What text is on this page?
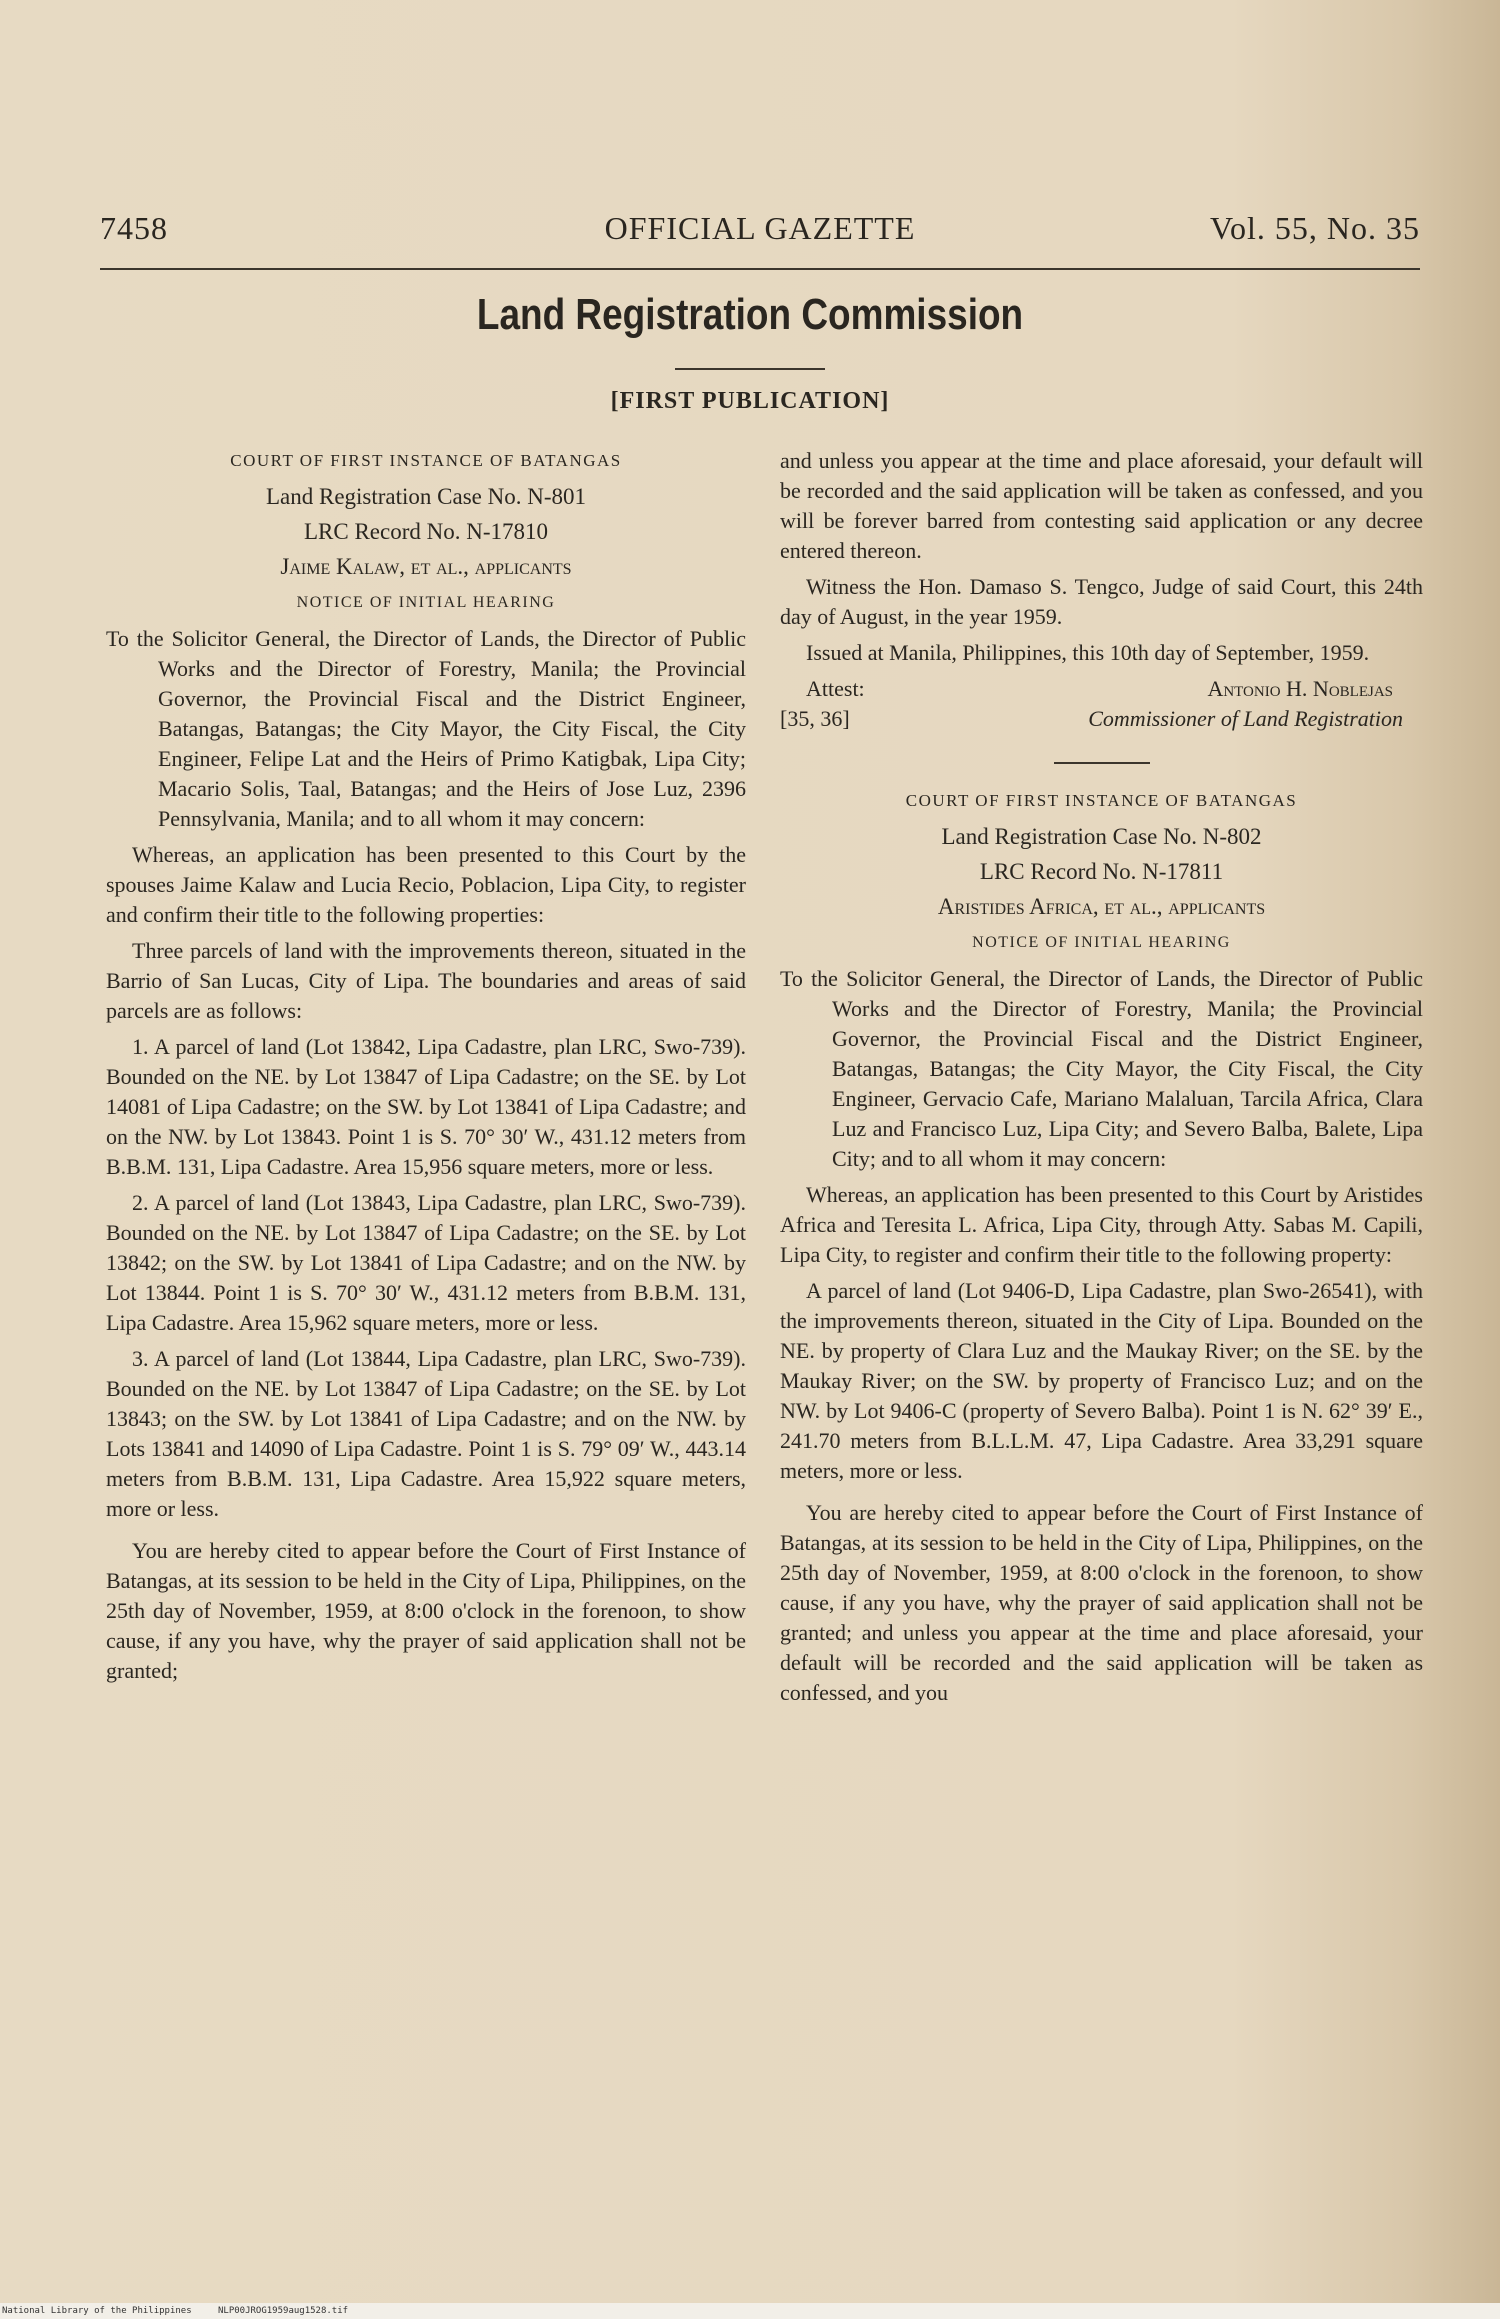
7458	OFFICIAL GAZETTE	Vol. 55, No. 35
Land Registration Commission
[FIRST PUBLICATION]

COURT OF FIRST INSTANCE OF BATANGAS

Land Registration Case No. N-801

LRC Record No. N-17810

Jaime Kalaw, et al., applicants

NOTICE OF INITIAL HEARING

To the Solicitor General, the Director of Lands, the Director of Public Works and the Director of Forestry, Manila; the Provincial Governor, the Provincial Fiscal and the District Engineer, Batangas, Batangas; the City Mayor, the City Fiscal, the City Engineer, Felipe Lat and the Heirs of Primo Katigbak, Lipa City; Macario Solis, Taal, Batangas; and the Heirs of Jose Luz, 2396 Pennsylvania, Manila; and to all whom it may concern:

Whereas, an application has been presented to this Court by the spouses Jaime Kalaw and Lucia Recio, Poblacion, Lipa City, to register and confirm their title to the following properties:

Three parcels of land with the improvements thereon, situated in the Barrio of San Lucas, City of Lipa. The boundaries and areas of said parcels are as follows:

1. A parcel of land (Lot 13842, Lipa Cadastre, plan LRC, Swo-739). Bounded on the NE. by Lot 13847 of Lipa Cadastre; on the SE. by Lot 14081 of Lipa Cadastre; on the SW. by Lot 13841 of Lipa Cadastre; and on the NW. by Lot 13843. Point 1 is S. 70° 30′ W., 431.12 meters from B.B.M. 131, Lipa Cadastre. Area 15,956 square meters, more or less.

2. A parcel of land (Lot 13843, Lipa Cadastre, plan LRC, Swo-739). Bounded on the NE. by Lot 13847 of Lipa Cadastre; on the SE. by Lot 13842; on the SW. by Lot 13841 of Lipa Cadastre; and on the NW. by Lot 13844. Point 1 is S. 70° 30′ W., 431.12 meters from B.B.M. 131, Lipa Cadastre. Area 15,962 square meters, more or less.

3. A parcel of land (Lot 13844, Lipa Cadastre, plan LRC, Swo-739). Bounded on the NE. by Lot 13847 of Lipa Cadastre; on the SE. by Lot 13843; on the SW. by Lot 13841 of Lipa Cadastre; and on the NW. by Lots 13841 and 14090 of Lipa Cadastre. Point 1 is S. 79° 09′ W., 443.14 meters from B.B.M. 131, Lipa Cadastre. Area 15,922 square meters, more or less.

You are hereby cited to appear before the Court of First Instance of Batangas, at its session to be held in the City of Lipa, Philippines, on the 25th day of November, 1959, at 8:00 o'clock in the forenoon, to show cause, if any you have, why the prayer of said application shall not be granted;

and unless you appear at the time and place aforesaid, your default will be recorded and the said application will be taken as confessed, and you will be forever barred from contesting said application or any decree entered thereon.

Witness the Hon. Damaso S. Tengco, Judge of said Court, this 24th day of August, in the year 1959.

Issued at Manila, Philippines, this 10th day of September, 1959.

Attest:
[35, 36]
Antonio H. Noblejas
Commissioner of Land Registration

COURT OF FIRST INSTANCE OF BATANGAS

Land Registration Case No. N-802

LRC Record No. N-17811

Aristides Africa, et al., applicants

NOTICE OF INITIAL HEARING

To the Solicitor General, the Director of Lands, the Director of Public Works and the Director of Forestry, Manila; the Provincial Governor, the Provincial Fiscal and the District Engineer, Batangas, Batangas; the City Mayor, the City Fiscal, the City Engineer, Gervacio Cafe, Mariano Malaluan, Tarcila Africa, Clara Luz and Francisco Luz, Lipa City; and Severo Balba, Balete, Lipa City; and to all whom it may concern:

Whereas, an application has been presented to this Court by Aristides Africa and Teresita L. Africa, Lipa City, through Atty. Sabas M. Capili, Lipa City, to register and confirm their title to the following property:

A parcel of land (Lot 9406-D, Lipa Cadastre, plan Swo-26541), with the improvements thereon, situated in the City of Lipa. Bounded on the NE. by property of Clara Luz and the Maukay River; on the SE. by the Maukay River; on the SW. by property of Francisco Luz; and on the NW. by Lot 9406-C (property of Severo Balba). Point 1 is N. 62° 39′ E., 241.70 meters from B.L.L.M. 47, Lipa Cadastre. Area 33,291 square meters, more or less.

You are hereby cited to appear before the Court of First Instance of Batangas, at its session to be held in the City of Lipa, Philippines, on the 25th day of November, 1959, at 8:00 o'clock in the forenoon, to show cause, if any you have, why the prayer of said application shall not be granted; and unless you appear at the time and place aforesaid, your default will be recorded and the said application will be taken as confessed, and you

National Library of the Philippines	NLP00JROG1959aug1528.tif
